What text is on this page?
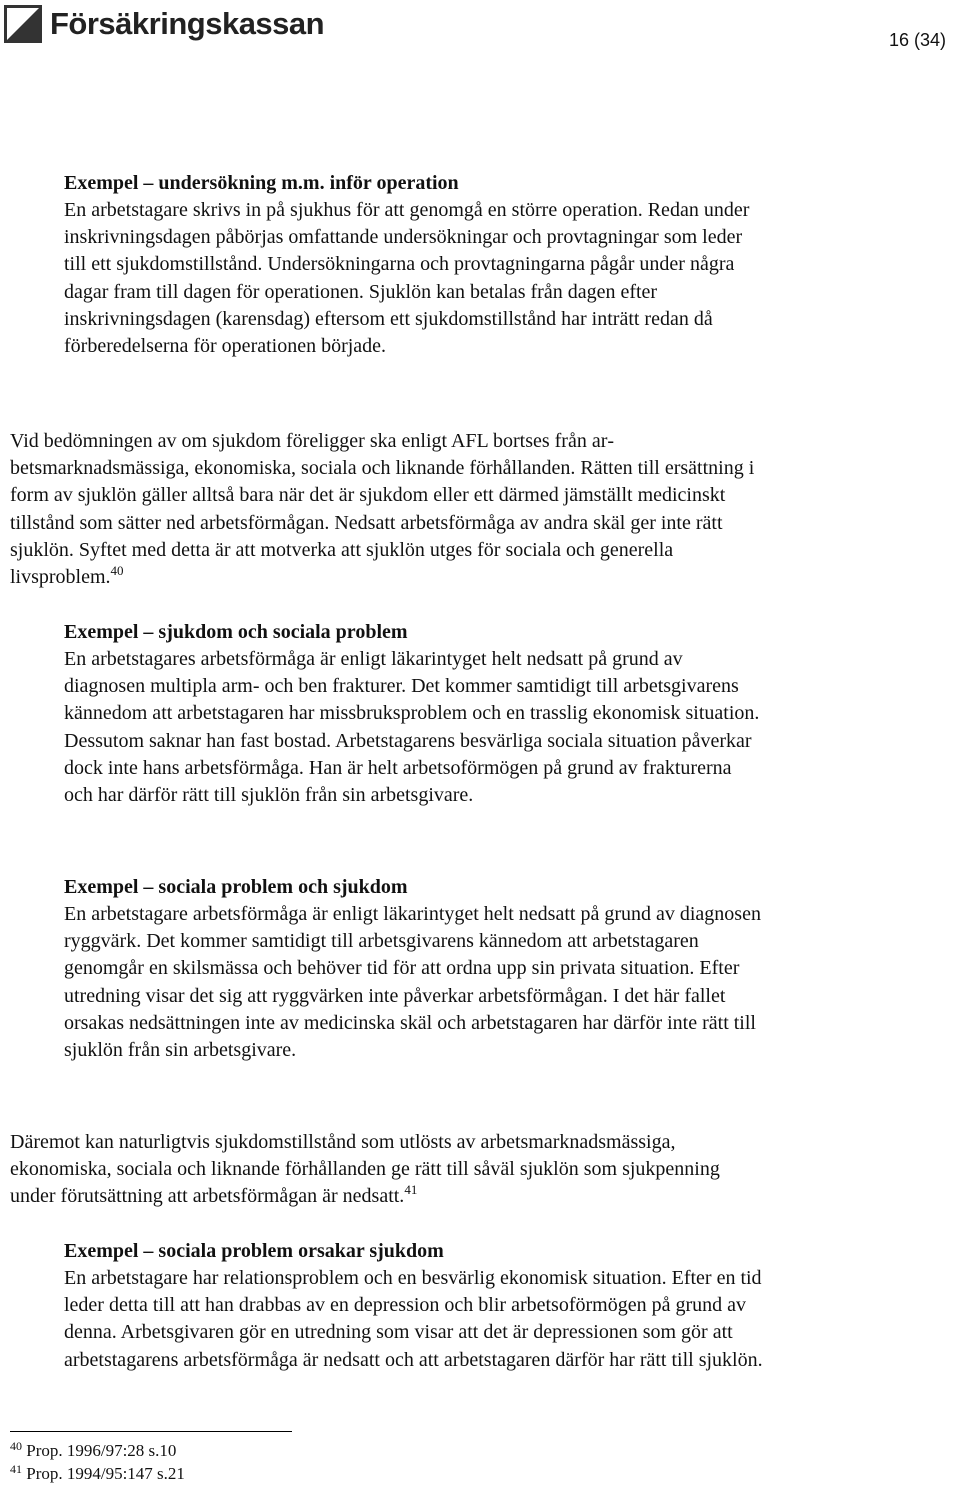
Försäkringskassan	16 (34)

Exempel – undersökning m.m. inför operation

En arbetstagare skrivs in på sjukhus för att genomgå en större operation. Redan under inskrivningsdagen påbörjas omfattande undersökningar och provtagningar som leder till ett sjukdomstillstånd. Undersökningarna och provtagningarna pågår under några dagar fram till dagen för operationen. Sjuklön kan betalas från dagen efter inskrivningsdagen (karensdag) eftersom ett sjukdomstillstånd har inträtt redan då förberedelserna för operationen började.

Vid bedömningen av om sjukdom föreligger ska enligt AFL bortses från arbetsmarknadsmässiga, ekonomiska, sociala och liknande förhållanden. Rätten till ersättning i form av sjuklön gäller alltså bara när det är sjukdom eller ett därmed jämställt medicinskt tillstånd som sätter ned arbetsförmågan. Nedsatt arbetsförmåga av andra skäl ger inte rätt sjuklön. Syftet med detta är att motverka att sjuklön utges för sociala och generella livsproblem.$^{40}$

Exempel – sjukdom och sociala problem

En arbetstagares arbetsförmåga är enligt läkarintyget helt nedsatt på grund av diagnosen multipla arm- och ben frakturer. Det kommer samtidigt till arbetsgivarens kännedom att arbetstagaren har missbruksproblem och en trasslig ekonomisk situation. Dessutom saknar han fast bostad. Arbetstagarens besvärliga sociala situation påverkar dock inte hans arbetsförmåga. Han är helt arbetsoförmögen på grund av frakturerna och har därför rätt till sjuklön från sin arbetsgivare.

Exempel – sociala problem och sjukdom

En arbetstagare arbetsförmåga är enligt läkarintyget helt nedsatt på grund av diagnosen ryggvärk. Det kommer samtidigt till arbetsgivarens kännedom att arbetstagaren genomgår en skilsmässa och behöver tid för att ordna upp sin privata situation. Efter utredning visar det sig att ryggvärken inte påverkar arbetsförmågan. I det här fallet orsakas nedsättningen inte av medicinska skäl och arbetstagaren har därför inte rätt till sjuklön från sin arbetsgivare.

Däremot kan naturligtvis sjukdomstillstånd som utlösts av arbetsmarknadsmässiga, ekonomiska, sociala och liknande förhållanden ge rätt till såväl sjuklön som sjukpenning under förutsättning att arbetsförmågan är nedsatt.$^{41}$

Exempel – sociala problem orsakar sjukdom

En arbetstagare har relationsproblem och en besvärlig ekonomisk situation. Efter en tid leder detta till att han drabbas av en depression och blir arbetsoförmögen på grund av denna. Arbetsgivaren gör en utredning som visar att det är depressionen som gör att arbetstagarens arbetsförmåga är nedsatt och att arbetstagaren därför har rätt till sjuklön.

$^{40}$ Prop. 1996/97:28 s.10

$^{41}$ Prop. 1994/95:147 s.21
